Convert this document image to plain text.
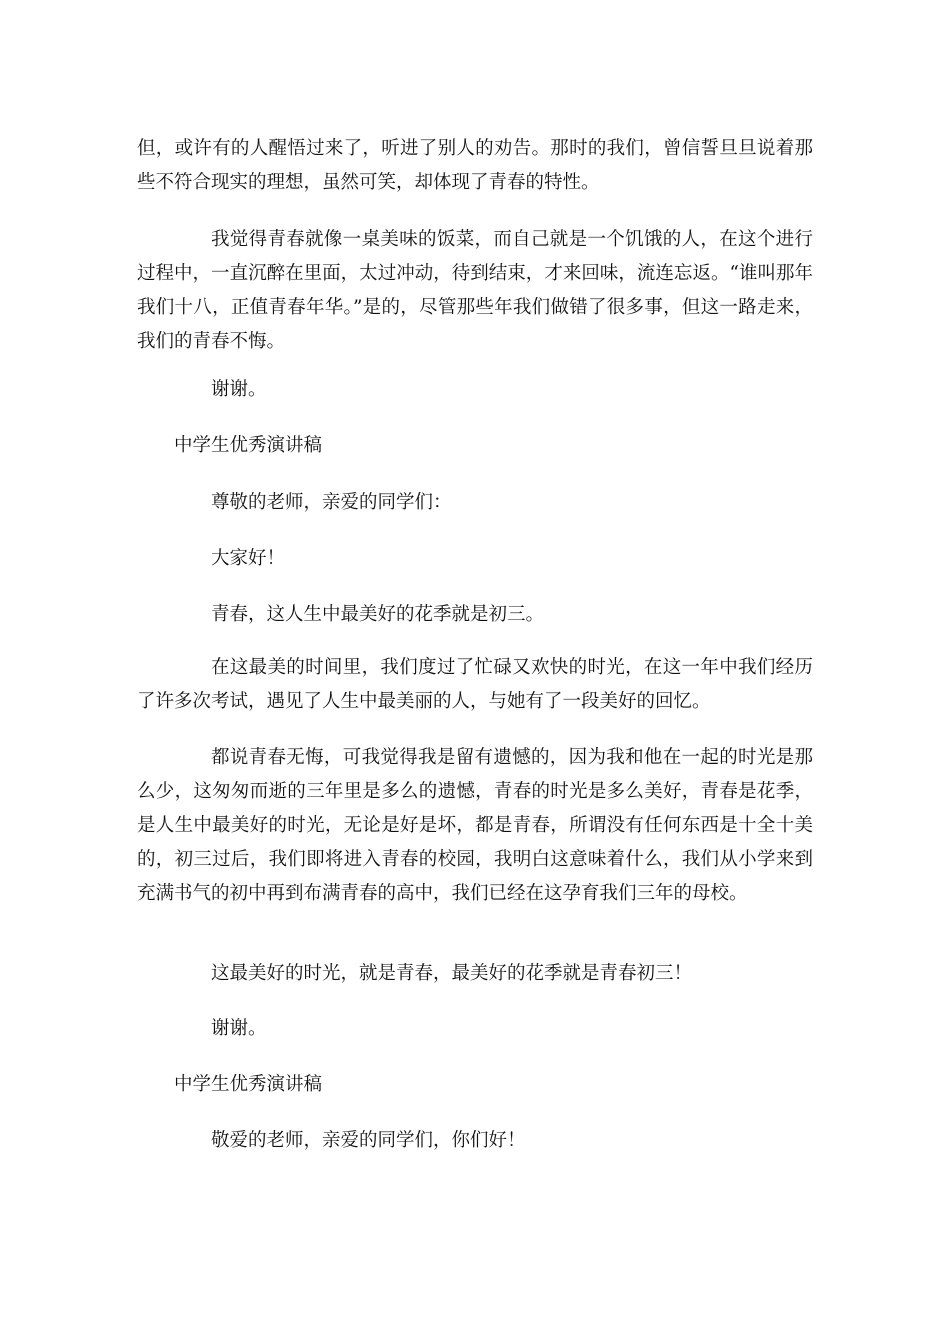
但，或许有的人醒悟过来了，听进了别人的劝告。那时的我们，曾信誓旦旦说着那些不符合现实的理想，虽然可笑，却体现了青春的特性。

我觉得青春就像一桌美味的饭菜，而自己就是一个饥饿的人，在这个进行过程中，一直沉醉在里面，太过冲动，待到结束，才来回味，流连忘返。“谁叫那年我们十八，正值青春年华。”是的，尽管那些年我们做错了很多事，但这一路走来，我们的青春不悔。

谢谢。

中学生优秀演讲稿

尊敬的老师，亲爱的同学们：

大家好！

青春，这人生中最美好的花季就是初三。

在这最美的时间里，我们度过了忙碌又欢快的时光，在这一年中我们经历了许多次考试，遇见了人生中最美丽的人，与她有了一段美好的回忆。

都说青春无悔，可我觉得我是留有遗憾的，因为我和他在一起的时光是那么少，这匆匆而逝的三年里是多么的遗憾，青春的时光是多么美好，青春是花季，是人生中最美好的时光，无论是好是坏，都是青春，所谓没有任何东西是十全十美的，初三过后，我们即将进入青春的校园，我明白这意味着什么，我们从小学来到充满书气的初中再到布满青春的高中，我们已经在这孕育我们三年的母校。

这最美好的时光，就是青春，最美好的花季就是青春初三！

谢谢。

中学生优秀演讲稿

敬爱的老师，亲爱的同学们，你们好！
